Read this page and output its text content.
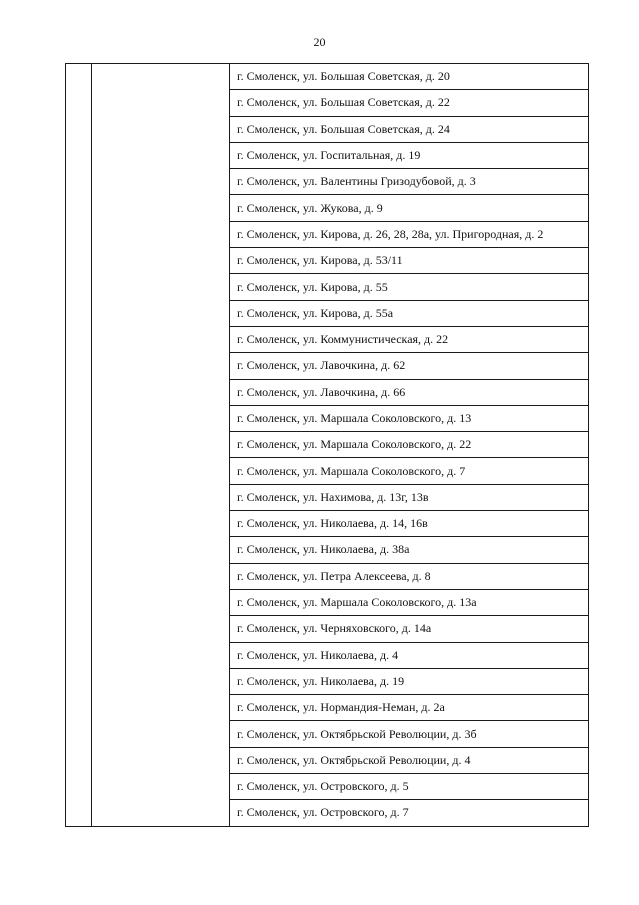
20
		г. Смоленск, ул. Большая Советская, д. 20
г. Смоленск, ул. Большая Советская, д. 22
г. Смоленск, ул. Большая Советская, д. 24
г. Смоленск, ул. Госпитальная, д. 19
г. Смоленск, ул. Валентины Гризодубовой, д. 3
г. Смоленск, ул. Жукова, д. 9
г. Смоленск, ул. Кирова, д. 26, 28, 28а, ул. Пригородная, д. 2
г. Смоленск, ул. Кирова, д. 53/11
г. Смоленск, ул. Кирова, д. 55
г. Смоленск, ул. Кирова, д. 55а
г. Смоленск, ул. Коммунистическая, д. 22
г. Смоленск, ул. Лавочкина, д. 62
г. Смоленск, ул. Лавочкина, д. 66
г. Смоленск, ул. Маршала Соколовского, д. 13
г. Смоленск, ул. Маршала Соколовского, д. 22
г. Смоленск, ул. Маршала Соколовского, д. 7
г. Смоленск, ул. Нахимова, д. 13г, 13в
г. Смоленск, ул. Николаева, д. 14, 16в
г. Смоленск, ул. Николаева, д. 38а
г. Смоленск, ул. Петра Алексеева, д. 8
г. Смоленск, ул. Маршала Соколовского, д. 13а
г. Смоленск, ул. Черняховского, д. 14а
г. Смоленск, ул. Николаева, д. 4
г. Смоленск, ул. Николаева, д. 19
г. Смоленск, ул. Нормандия-Неман, д. 2а
г. Смоленск, ул. Октябрьской Революции, д. 3б
г. Смоленск, ул. Октябрьской Революции, д. 4
г. Смоленск, ул. Островского, д. 5
г. Смоленск, ул. Островского, д. 7
